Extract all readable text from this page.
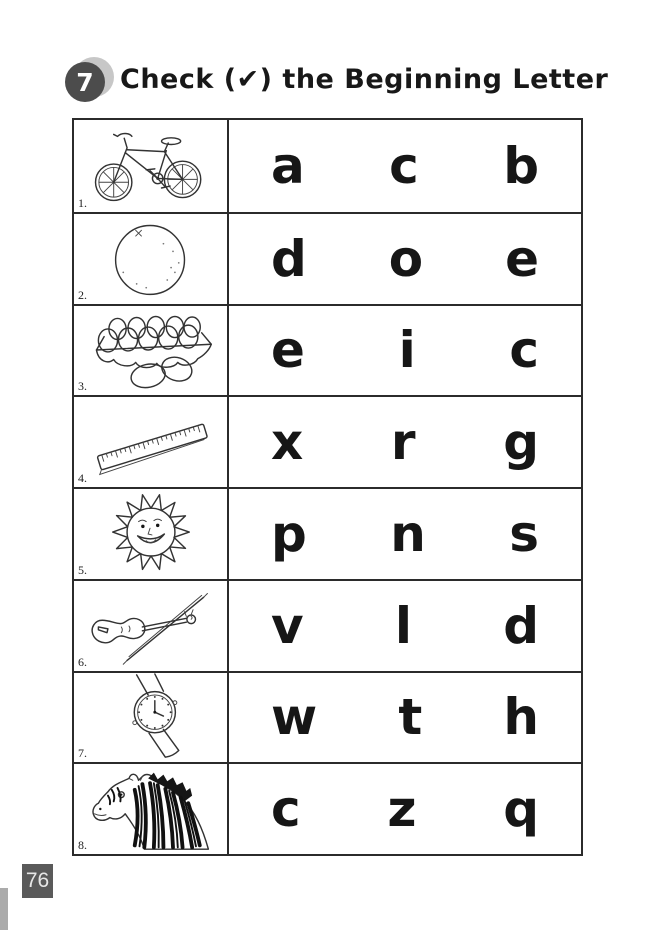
7 Check (✔) the Beginning Letter
1.
a c b
2.
d o e
3.
e i c
4.
x r g
5.
p n s
6.
v l d
7.
w t h
8.
c z q
76
